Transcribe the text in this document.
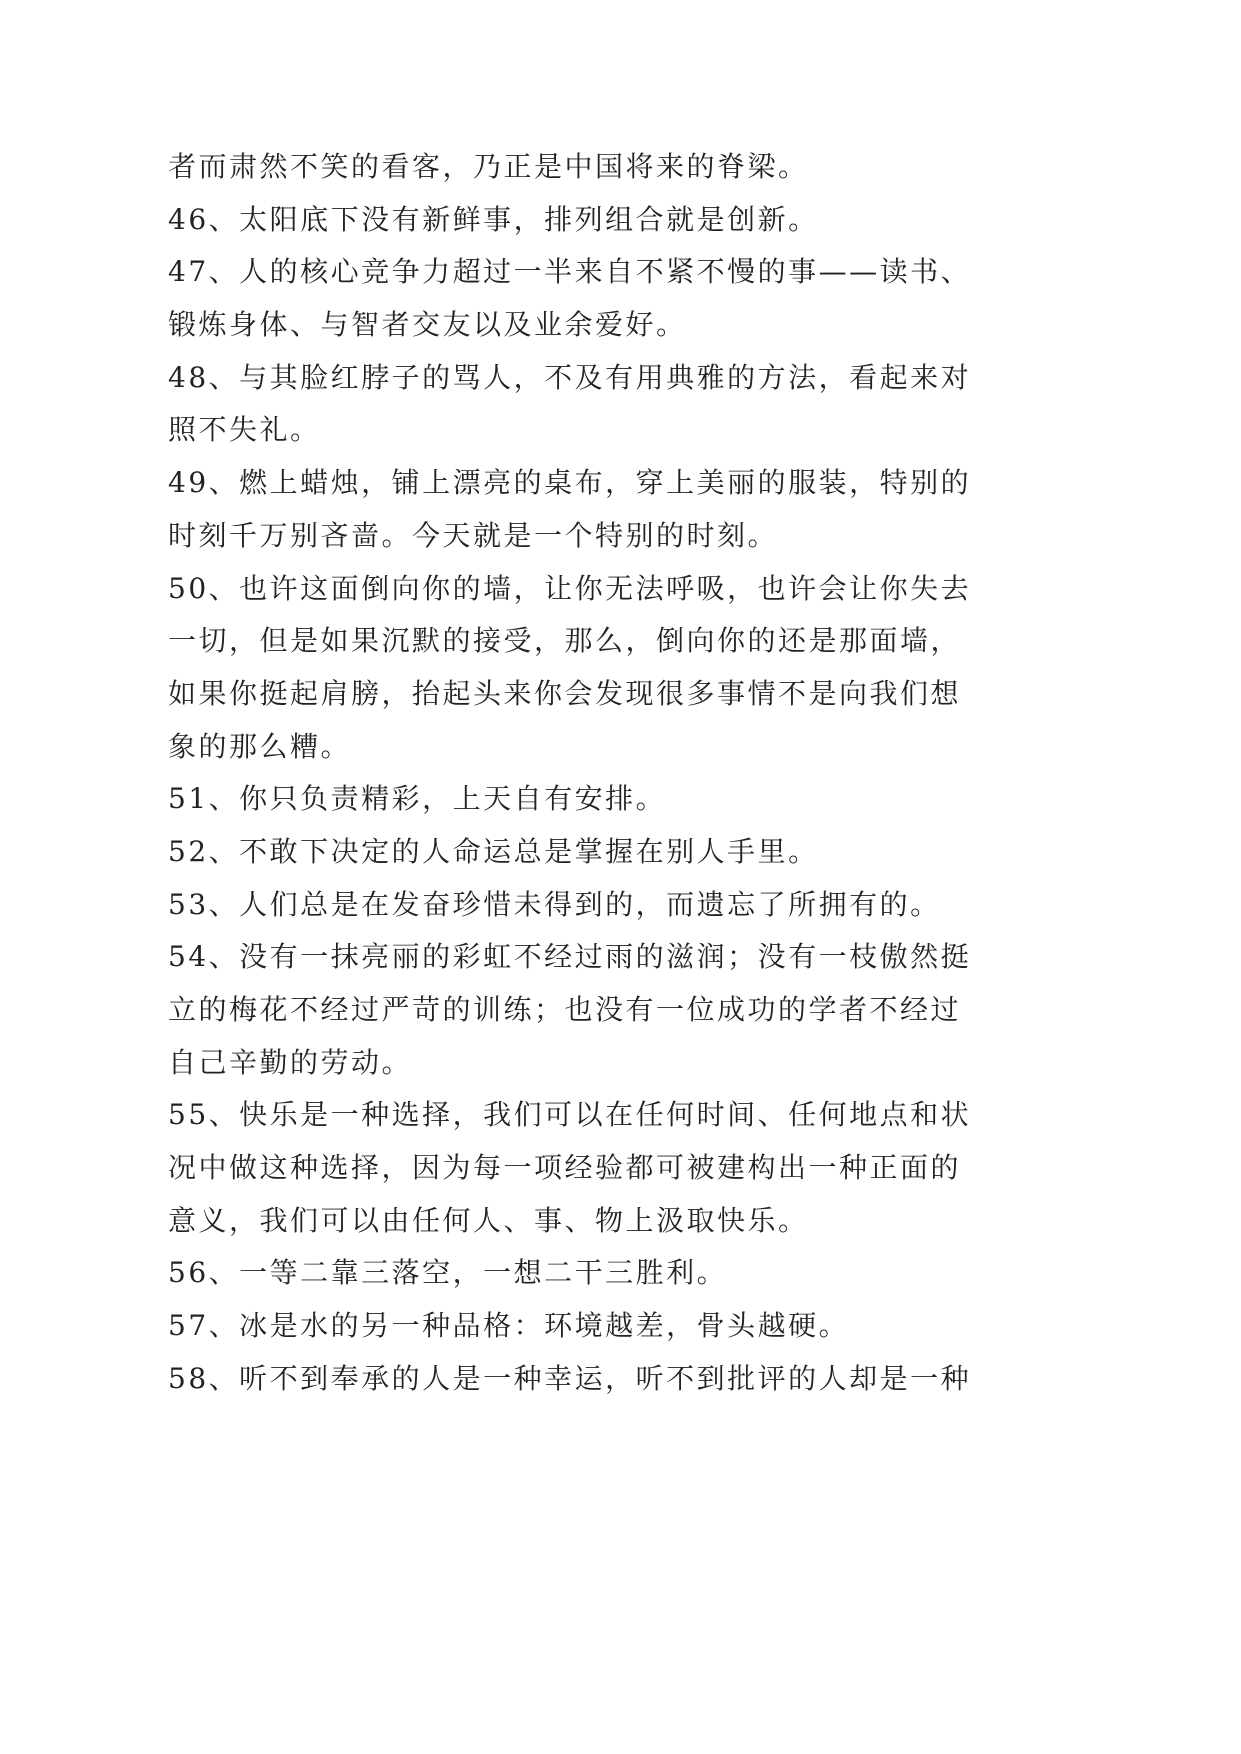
者而肃然不笑的看客，乃正是中国将来的脊梁。
46、太阳底下没有新鲜事，排列组合就是创新。
47、人的核心竞争力超过一半来自不紧不慢的事——读书、
锻炼身体、与智者交友以及业余爱好。
48、与其脸红脖子的骂人，不及有用典雅的方法，看起来对
照不失礼。
49、燃上蜡烛，铺上漂亮的桌布，穿上美丽的服装，特别的
时刻千万别吝啬。今天就是一个特别的时刻。
50、也许这面倒向你的墙，让你无法呼吸，也许会让你失去
一切，但是如果沉默的接受，那么，倒向你的还是那面墙，
如果你挺起肩膀，抬起头来你会发现很多事情不是向我们想
象的那么糟。
51、你只负责精彩，上天自有安排。
52、不敢下决定的人命运总是掌握在别人手里。
53、人们总是在发奋珍惜未得到的，而遗忘了所拥有的。
54、没有一抹亮丽的彩虹不经过雨的滋润；没有一枝傲然挺
立的梅花不经过严苛的训练；也没有一位成功的学者不经过
自己辛勤的劳动。
55、快乐是一种选择，我们可以在任何时间、任何地点和状
况中做这种选择，因为每一项经验都可被建构出一种正面的
意义，我们可以由任何人、事、物上汲取快乐。
56、一等二靠三落空，一想二干三胜利。
57、冰是水的另一种品格：环境越差，骨头越硬。
58、听不到奉承的人是一种幸运，听不到批评的人却是一种
